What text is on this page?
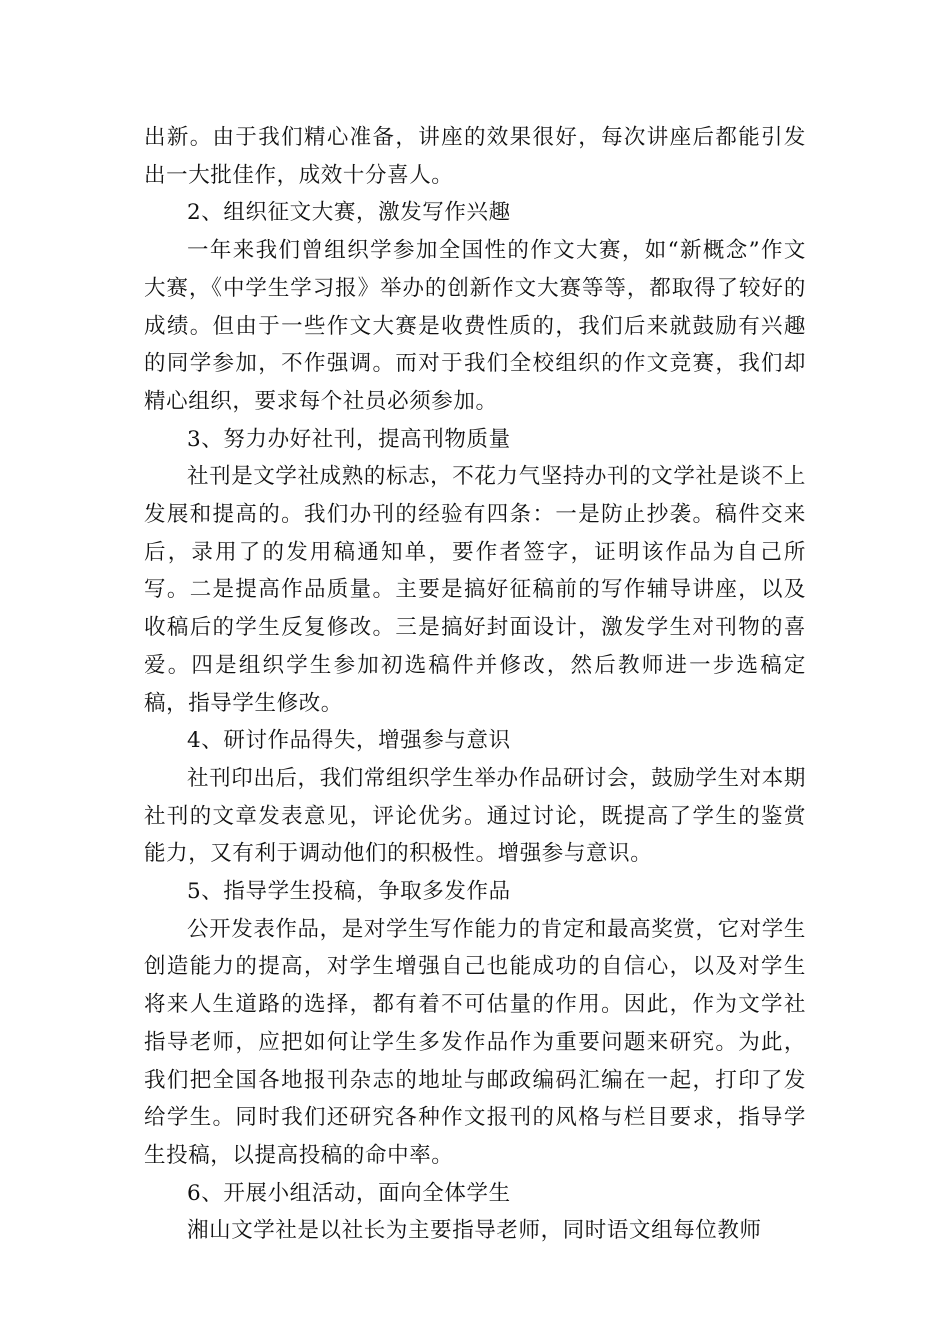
出新。由于我们精心准备，讲座的效果很好，每次讲座后都能引发出一大批佳作，成效十分喜人。

2、组织征文大赛，激发写作兴趣

一年来我们曾组织学参加全国性的作文大赛，如“新概念”作文大赛，《中学生学习报》举办的创新作文大赛等等，都取得了较好的成绩。但由于一些作文大赛是收费性质的，我们后来就鼓励有兴趣的同学参加，不作强调。而对于我们全校组织的作文竞赛，我们却精心组织，要求每个社员必须参加。

3、努力办好社刊，提高刊物质量

社刊是文学社成熟的标志，不花力气坚持办刊的文学社是谈不上发展和提高的。我们办刊的经验有四条：一是防止抄袭。稿件交来后，录用了的发用稿通知单，要作者签字，证明该作品为自己所写。二是提高作品质量。主要是搞好征稿前的写作辅导讲座，以及收稿后的学生反复修改。三是搞好封面设计，激发学生对刊物的喜爱。四是组织学生参加初选稿件并修改，然后教师进一步选稿定稿，指导学生修改。

4、研讨作品得失，增强参与意识

社刊印出后，我们常组织学生举办作品研讨会，鼓励学生对本期社刊的文章发表意见，评论优劣。通过讨论，既提高了学生的鉴赏能力，又有利于调动他们的积极性。增强参与意识。

5、指导学生投稿，争取多发作品

公开发表作品，是对学生写作能力的肯定和最高奖赏，它对学生创造能力的提高，对学生增强自己也能成功的自信心，以及对学生将来人生道路的选择，都有着不可估量的作用。因此，作为文学社指导老师，应把如何让学生多发作品作为重要问题来研究。为此，我们把全国各地报刊杂志的地址与邮政编码汇编在一起，打印了发给学生。同时我们还研究各种作文报刊的风格与栏目要求，指导学生投稿，以提高投稿的命中率。

6、开展小组活动，面向全体学生

湘山文学社是以社长为主要指导老师，同时语文组每位教师
